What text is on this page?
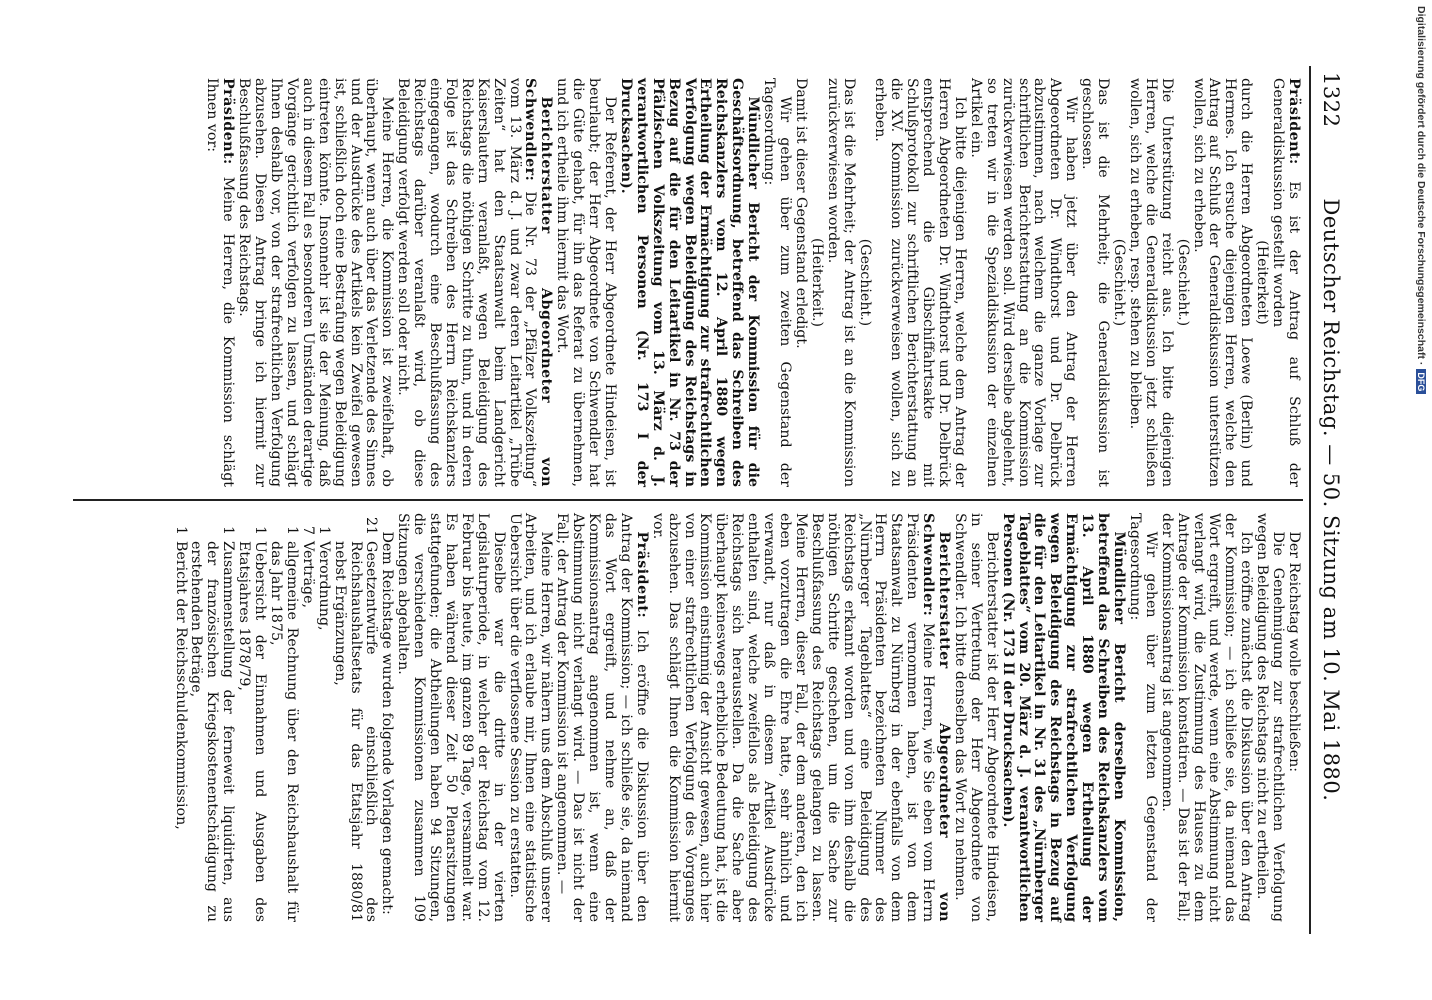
1322
Deutscher Reichstag. — 50. Sitzung am 10. Mai 1880.

Präsident: Es ist der Antrag auf Schluß der Generaldiskussion gestellt worden

(Heiterkeit)

durch die Herren Abgeordneten Loewe (Berlin) und Hermes. Ich ersuche diejenigen Herren, welche den Antrag auf Schluß der Generaldiskussion unterstützen wollen, sich zu erheben.

(Geschieht.)

Die Unterstützung reicht aus. Ich bitte diejenigen Herren, welche die Generaldiskussion jetzt schließen wollen, sich zu erheben, resp. stehen zu bleiben.

(Geschieht.)

Das ist die Mehrheit; die Generaldiskussion ist geschlossen.

Wir haben jetzt über den Antrag der Herren Abgeordneten Dr. Windthorst und Dr. Delbrück abzustimmen, nach welchem die ganze Vorlage zur schriftlichen Berichterstattung an die Kommission zurückverwiesen werden soll. Wird derselbe abgelehnt, so treten wir in die Spezialdiskussion der einzelnen Artikel ein.

Ich bitte diejenigen Herren, welche dem Antrag der Herren Abgeordneten Dr. Windthorst und Dr. Delbrück entsprechend die Gibschiffahrtsakte mit Schlußprotokoll zur schriftlichen Berichterstattung an die XV. Kommission zurückverweisen wollen, sich zu erheben.

(Geschieht.)

Das ist die Mehrheit; der Antrag ist an die Kommission zurückverwiesen worden.

(Heiterkeit.)

Damit ist dieser Gegenstand erledigt.

Wir gehen über zum zweiten Gegenstand der Tagesordnung:

Mündlicher Bericht der Kommission für die Geschäftsordnung, betreffend das Schreiben des Reichskanzlers vom 12. April 1880 wegen Ertheilung der Ermächtigung zur strafrechtlichen Verfolgung wegen Beleidigung des Reichstags in Bezug auf die für den Leitartikel in Nr. 73 der Pfälzischen Volkszeitung vom 13. März d. J. verantwortlichen Personen (Nr. 173 I der Drucksachen).

Der Referent, der Herr Abgeordnete Hindeisen, ist beurlaubt; der Herr Abgeordnete von Schwendler hat die Güte gehabt, für ihn das Referat zu übernehmen, und ich ertheile ihm hiermit das Wort.

Berichterstatter Abgeordneter von Schwendler: Die Nr. 73 der „Pfälzer Volkszeitung“ vom 13. März d. J. und zwar deren Leitartikel „Trübe Zeiten“ hat den Staatsanwalt beim Landgericht Kaiserslautern veranlaßt, wegen Beleidigung des Reichstags die nöthigen Schritte zu thun, und in deren Folge ist das Schreiben des Herrn Reichskanzlers eingegangen, wodurch eine Beschlußfassung des Reichstags darüber veranlaßt wird, ob diese Beleidigung verfolgt werden soll oder nicht.

Meine Herren, die Kommission ist zweifelhaft, ob überhaupt, wenn auch über das Verletzende des Sinnes und der Ausdrücke des Artikels kein Zweifel gewesen ist, schließlich doch eine Bestrafung wegen Beleidigung eintreten könnte. Insonnehr ist sie der Meinung, daß auch in diesem Fall es besonderen Umständen derartige Vorgänge gerichtlich verfolgen zu lassen, und schlägt Ihnen deshalb vor, von der strafrechtlichen Verfolgung abzusehen. Diesen Antrag bringe ich hiermit zur Beschlußfassung des Reichstags.

Präsident: Meine Herren, die Kommission schlägt Ihnen vor:

Der Reichstag wolle beschließen:

Die Genehmigung zur strafrechtlichen Verfolgung wegen Beleidigung des Reichstags nicht zu ertheilen.

Ich eröffne zunächst die Diskussion über den Antrag der Kommission; — ich schließe sie, da niemand das Wort ergreift, und werde, wenn eine Abstimmung nicht verlangt wird, die Zustimmung des Hauses zu dem Antrage der Kommission konstatiren. — Das ist der Fall; der Kommissionsantrag ist angenommen.

Wir gehen über zum letzten Gegenstand der Tagesordnung:

Mündlicher Bericht derselben Kommission, betreffend das Schreiben des Reichskanzlers vom 13. April 1880 wegen Ertheilung der Ermächtigung zur strafrechtlichen Verfolgung wegen Beleidigung des Reichstags in Bezug auf die für den Leitartikel in Nr. 31 des „Nürnberger Tageblattes“ vom 20. März d. J. verantwortlichen Personen (Nr. 173 II der Drucksachen).

Berichterstatter ist der Herr Abgeordnete Hindeisen, in seiner Vertretung der Herr Abgeordnete von Schwendler. Ich bitte denselben das Wort zu nehmen.

Berichterstatter Abgeordneter von Schwendler: Meine Herren, wie Sie eben vom Herrn Präsidenten vernommen haben, ist von dem Staatsanwalt zu Nürnberg in der ebenfalls von dem Herrn Präsidenten bezeichneten Nummer des „Nürnberger Tageblattes“ eine Beleidigung des Reichstags erkannt worden und von ihm deshalb die nöthigen Schritte geschehen, um die Sache zur Beschlußfassung des Reichstags gelangen zu lassen. Meine Herren, dieser Fall, der dem anderen, den ich eben vorzutragen die Ehre hatte, sehr ähnlich und verwandt, nur daß in diesem Artikel Ausdrücke enthalten sind, welche zweifellos als Beleidigung des Reichstags sich herausstellen. Da die Sache aber überhaupt keineswegs erhebliche Bedeutung hat, ist die Kommission einstimmig der Ansicht gewesen, auch hier von einer strafrechtlichen Verfolgung des Vorganges abzusehen. Das schlägt Ihnen die Kommission hiermit vor.

Präsident: Ich eröffne die Diskussion über den Antrag der Kommission; — ich schließe sie, da niemand das Wort ergreift, und nehme an, daß der Kommissionsantrag angenommen ist, wenn eine Abstimmung nicht verlangt wird. — Das ist nicht der Fall; der Antrag der Kommission ist angenommen. —

Meine Herren, wir nähern uns dem Abschluß unserer Arbeiten, und ich erlaube mir, Ihnen eine statistische Uebersicht über die verflossene Session zu erstatten.

Dieselbe war die dritte in der vierten Legislaturperiode, in welcher der Reichstag vom 12. Februar bis heute, im ganzen 89 Tage, versammelt war. Es haben während dieser Zeit 50 Plenarsitzungen stattgefunden; die Abtheilungen haben 94 Sitzungen, die verschiedenen Kommissionen zusammen 109 Sitzungen abgehalten.

Dem Reichstage wurden folgende Vorlagen gemacht:

21
Gesetzentwürfe einschließlich des Reichshaushaltsetats für das Etatsjahr 1880/81 nebst Ergänzungen,
1
Verordnung,
7
Verträge,
1
allgemeine Rechnung über den Reichshaushalt für das Jahr 1875,
1
Uebersicht der Einnahmen und Ausgaben des Etatsjahres 1878/79,
1
Zusammenstellung der ferneweit liquidirten, aus der französischen Kriegskostenentschädigung zu erstehenden Beträge,
1
Bericht der Reichsschuldenkommission,
Digitalisierung gefördert durch die Deutsche Forschungsgemeinschaft ·DFG
